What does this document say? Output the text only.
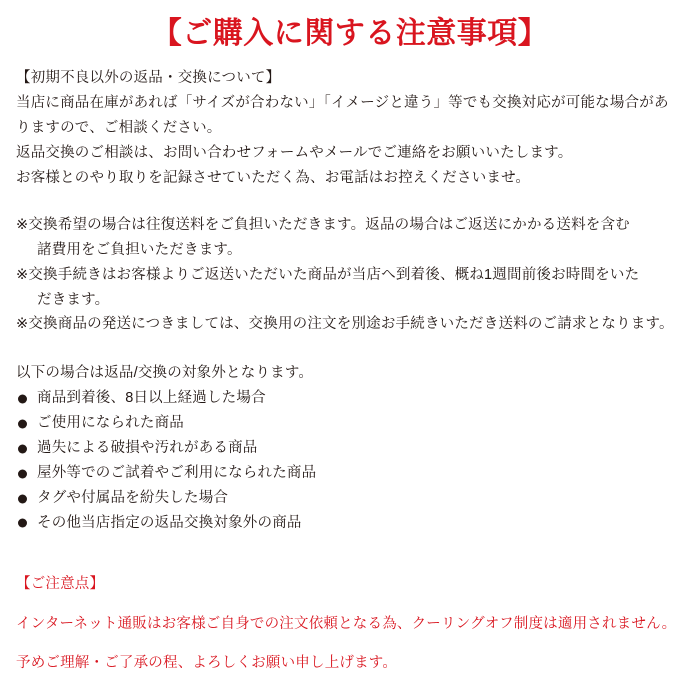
【ご購入に関する注意事項】

【初期不良以外の返品・交換について】

当店に商品在庫があれば「サイズが合わない」「イメージと違う」等でも交換対応が可能な場合があ

りますので、ご相談ください。

返品交換のご相談は、お問い合わせフォームやメールでご連絡をお願いいたします。

お客様とのやり取りを記録させていただく為、お電話はお控えくださいませ。

※交換希望の場合は往復送料をご負担いただきます。返品の場合はご返送にかかる送料を含む
諸費用をご負担いただきます。

※交換手続きはお客様よりご返送いただいた商品が当店へ到着後、概ね1週間前後お時間をいた
だきます。

※交換商品の発送につきましては、交換用の注文を別途お手続きいただき送料のご請求となります。

以下の場合は返品/交換の対象外となります。

商品到着後、8日以上経過した場合
ご使用になられた商品
過失による破損や汚れがある商品
屋外等でのご試着やご利用になられた商品
タグや付属品を紛失した場合
その他当店指定の返品交換対象外の商品

【ご注意点】

インターネット通販はお客様ご自身での注文依頼となる為、クーリングオフ制度は適用されません。

予めご理解・ご了承の程、よろしくお願い申し上げます。
